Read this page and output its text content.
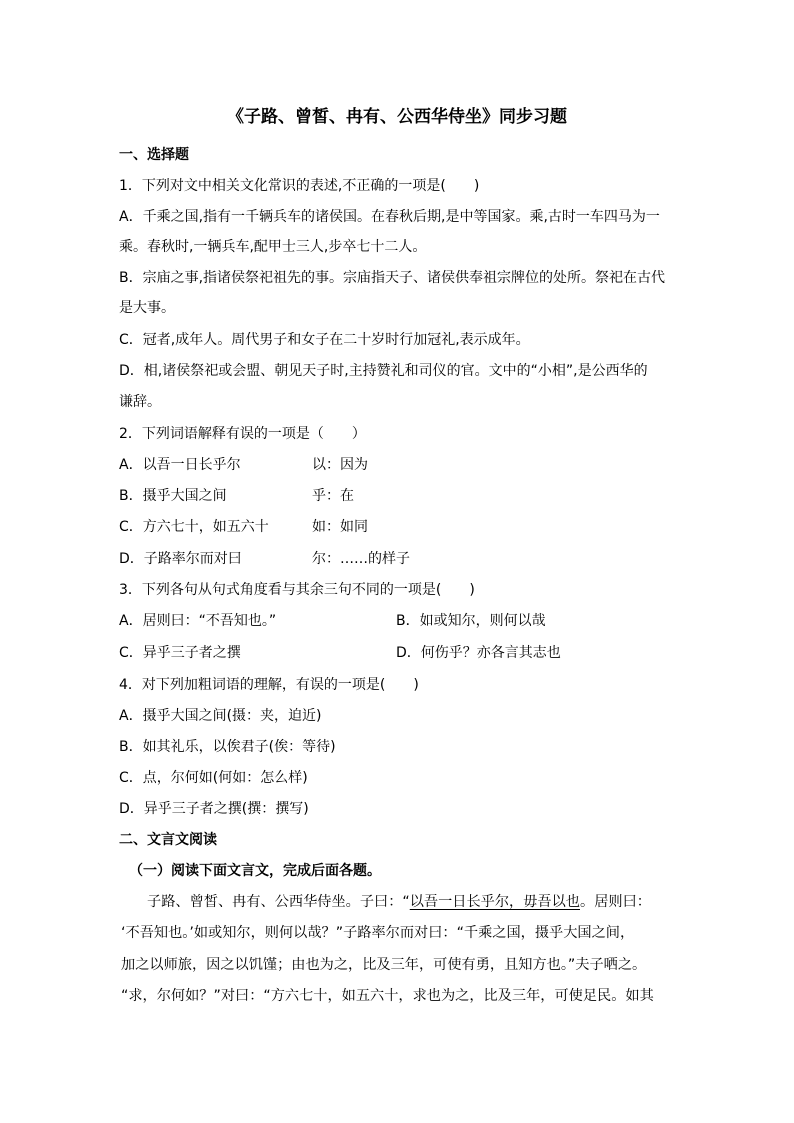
《子路、曾皙、冉有、公西华侍坐》同步习题
一、选择题
1．下列对文中相关文化常识的表述,不正确的一项是(　　)
A．千乘之国,指有一千辆兵车的诸侯国。在春秋后期,是中等国家。乘,古时一车四马为一
乘。春秋时,一辆兵车,配甲士三人,步卒七十二人。
B．宗庙之事,指诸侯祭祀祖先的事。宗庙指天子、诸侯供奉祖宗牌位的处所。祭祀在古代
是大事。
C．冠者,成年人。周代男子和女子在二十岁时行加冠礼,表示成年。
D．相,诸侯祭祀或会盟、朝见天子时,主持赞礼和司仪的官。文中的“小相”,是公西华的
谦辞。
2．下列词语解释有误的一项是（　　）
A．以吾一日长乎尔	以：因为
B．摄乎大国之间	乎：在
C．方六七十，如五六十	如：如同
D．子路率尔而对曰	尔：……的样子
3．下列各句从句式角度看与其余三句不同的一项是(　　)
A．居则曰：“不吾知也。”	B．如或知尔，则何以哉
C．异乎三子者之撰	D．何伤乎？亦各言其志也
4．对下列加粗词语的理解，有误的一项是(　　)
A．摄乎大国之间(摄：夹，迫近)
B．如其礼乐，以俟君子(俟：等待)
C．点，尔何如(何如：怎么样)
D．异乎三子者之撰(撰：撰写)
二、文言文阅读
（一）阅读下面文言文，完成后面各题。
子路、曾皙、冉有、公西华侍坐。子曰：“以吾一日长乎尔，毋吾以也。居则曰：
‘不吾知也。’如或知尔，则何以哉？”子路率尔而对曰：“千乘之国，摄乎大国之间，
加之以师旅，因之以饥馑；由也为之，比及三年，可使有勇，且知方也。”夫子哂之。
“求，尔何如？”对曰：“方六七十，如五六十，求也为之，比及三年，可使足民。如其
